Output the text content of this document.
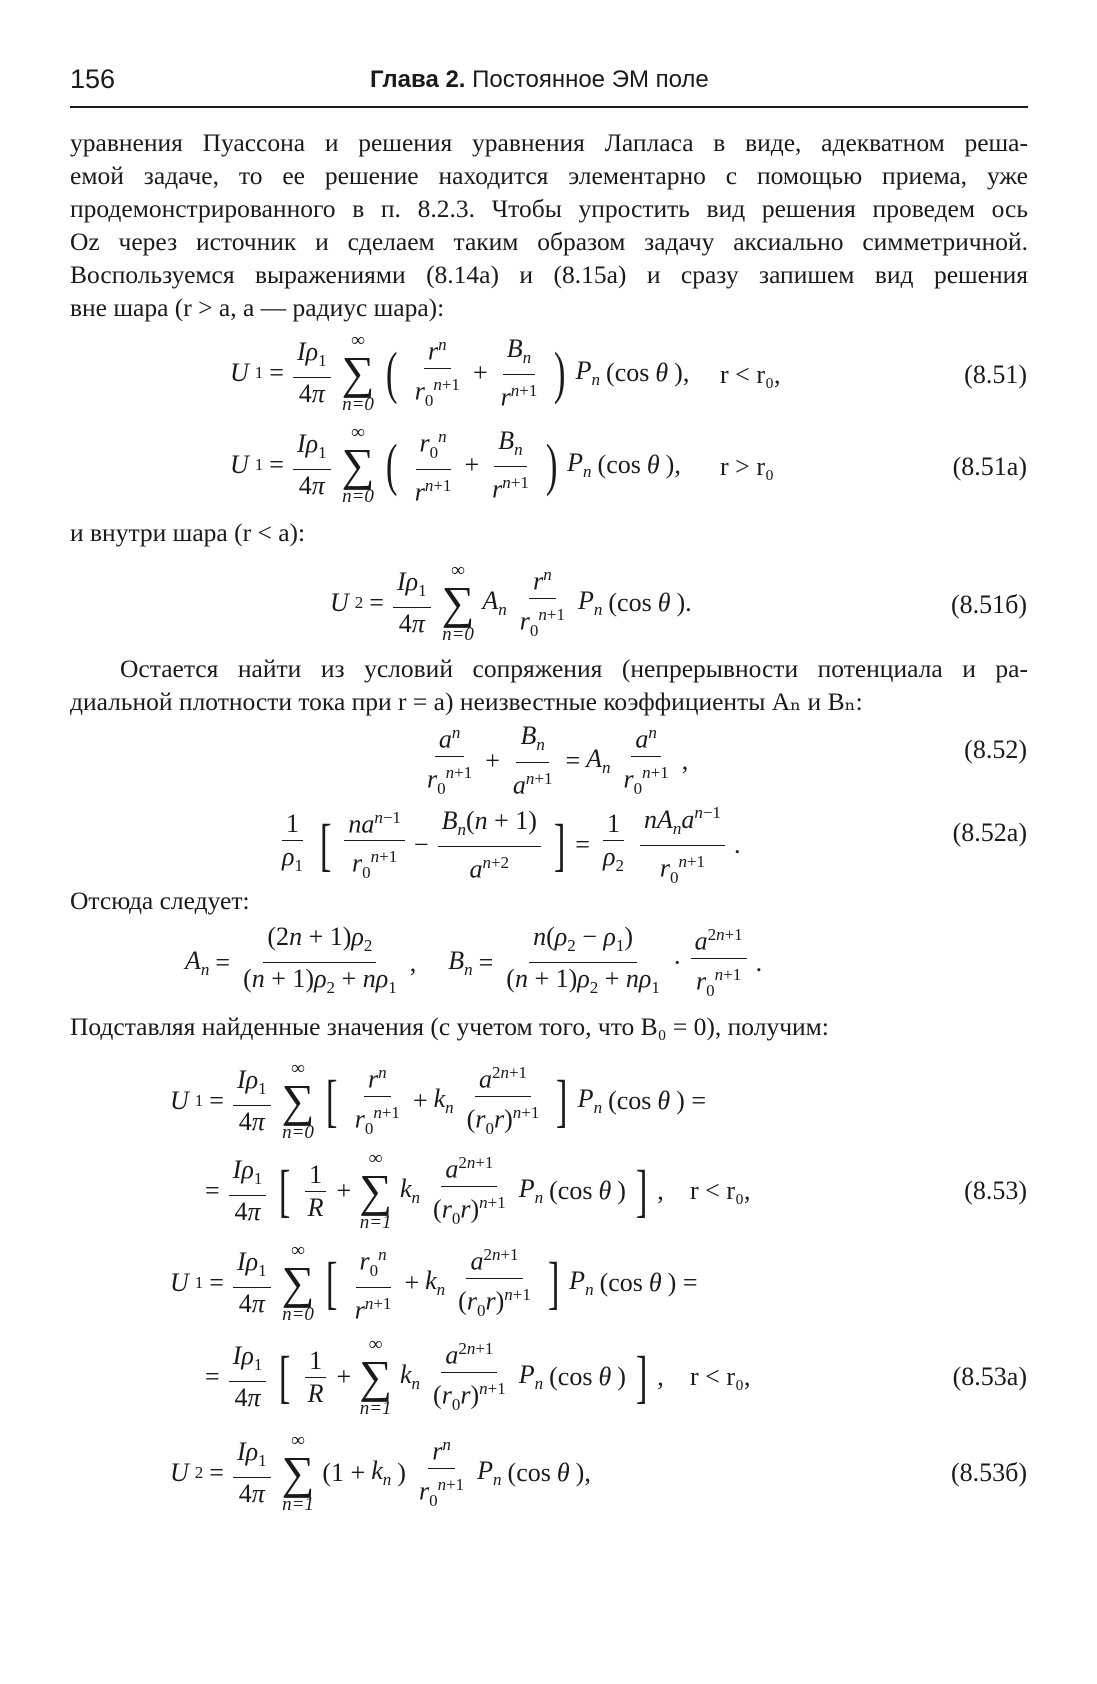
156	Глава 2. Постоянное ЭМ поле
уравнения Пуассона и решения уравнения Лапласа в виде, адекватном реша-
емой задаче, то ее решение находится элементарно с помощью приема, уже
продемонстрированного в п. 8.2.3. Чтобы упростить вид решения проведем ось
Oz через источник и сделаем таким образом задачу аксиально симметричной.
Воспользуемся выражениями (8.14a) и (8.15a) и сразу запишем вид решения
вне шара (r > a, a — радиус шара):
U $1 = \frac{I\rho_1}{4\pi}$ ∞
∑
n=0 ( $\frac{r^n}{r_0^{n+1}} + \frac{B_n}{r^{n+1}}$ ) $P_n$ (cos θ ), r < r₀,	(8.51)
U $1 = \frac{I\rho_1}{4\pi}$ ∞
∑
n=0 ( $\frac{r_0^n}{r^{n+1}} + \frac{B_n}{r^{n+1}}$ ) $P_n$ (cos θ ), r > r₀	(8.51a)
и внутри шара (r < a):
U $2 = \frac{I\rho_1}{4\pi}$ ∞
∑
n=0
$A_n \frac{r^n}{r_0^{n+1}} P_n$ (cos θ ).	(8.51б)
Остается найти из условий сопряжения (непрерывности потенциала и ра-
диальной плотности тока при r = a) неизвестные коэффициенты Aₙ и Bₙ:
$\frac{a^n}{r_0^{n+1}} + \frac{B_n}{a^{n+1}} = A_n \frac{a^n}{r_0^{n+1}}$ ,	(8.52)
$\frac{1}{\rho_1}$ [ $\frac{na^{n-1}}{r_0^{n+1}} - \frac{B_n(n + 1)}{a^{n+2}}$ ] = $\frac{1}{\rho_2} \frac{nA_na^{n-1}}{r_0^{n+1}}$ .	(8.52a)
Отсюда следует:
$A_n = \frac{(2n + 1)\rho_2}{(n + 1)\rho_2 + n\rho_1}$ , $B_n = \frac{n(\rho_2 - \rho_1)}{(n + 1)\rho_2 + n\rho_1} \cdot \frac{a^{2n+1}}{r_0^{n+1}}$ .
Подставляя найденные значения (с учетом того, что B₀ = 0), получим:
U $1 = \frac{I\rho_1}{4\pi}$ ∞
∑
n=0 [ $\frac{r^n}{r_0^{n+1}} + k_n \frac{a^{2n+1}}{(r_0r)^{n+1}}$ ] $P_n$ (cos θ ) =
= $\frac{I\rho_1}{4\pi}$ [ $\frac{1}{R}$ +
∞
∑
n=1
$k_n \frac{a^{2n+1}}{(r_0r)^{n+1}} P_n$ (cos θ ) ] , r < r₀,	(8.53)
U $1 = \frac{I\rho_1}{4\pi}$ ∞
∑
n=0 [ $\frac{r_0^n}{r^{n+1}} + k_n \frac{a^{2n+1}}{(r_0r)^{n+1}}$ ] $P_n$ (cos θ ) =
= $\frac{I\rho_1}{4\pi}$ [ $\frac{1}{R}$ +
∞
∑
n=1
$k_n \frac{a^{2n+1}}{(r_0r)^{n+1}} P_n$ (cos θ ) ] , r < r₀,	(8.53a)
U $2 = \frac{I\rho_1}{4\pi}$ ∞
∑
n=1
($1 + k_n$ ) $\frac{r^n}{r_0^{n+1}} P_n$ (cos θ ),	(8.53б)
